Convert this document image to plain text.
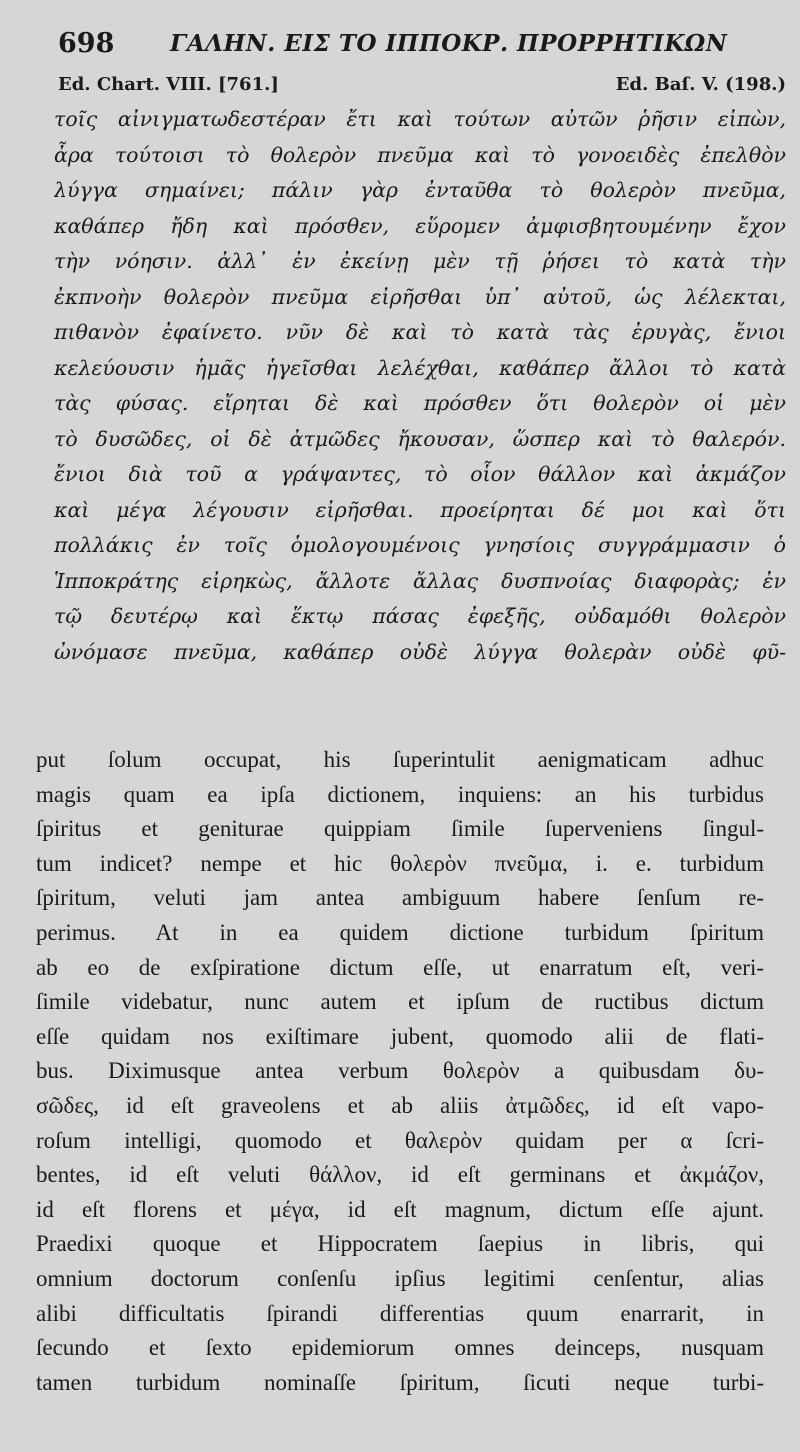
698 ΓΑΛΗΝ. ΕΙΣ ΤΟ ΙΠΠΟΚΡ. ΠΡΟΡΡΗΤΙΚΩΝ
Ed. Chart. VIII. [761.]	Ed. Baſ. V. (198.)
τοῖς αἰνιγματωδεστέραν ἔτι καὶ τούτων αὐτῶν ῥῆσιν εἰπὼν,
ἆρα τούτοισι τὸ θολερὸν πνεῦμα καὶ τὸ γονοειδὲς ἐπελθὸν
λύγγα σημαίνει; πάλιν γὰρ ἐνταῦθα τὸ θολερὸν πνεῦμα,
καθάπερ ἤδη καὶ πρόσθεν, εὕρομεν ἀμφισβητουμένην ἔχον
τὴν νόησιν. ἀλλ᾽ ἐν ἐκείνῃ μὲν τῇ ῥήσει τὸ κατὰ τὴν
ἐκπνοὴν θολερὸν πνεῦμα εἰρῆσθαι ὑπ᾽ αὐτοῦ, ὡς λέλεκται,
πιθανὸν ἐφαίνετο. νῦν δὲ καὶ τὸ κατὰ τὰς ἐρυγὰς, ἔνιοι
κελεύουσιν ἡμᾶς ἡγεῖσθαι λελέχθαι, καθάπερ ἄλλοι τὸ κατὰ
τὰς φύσας. εἴρηται δὲ καὶ πρόσθεν ὅτι θολερὸν οἱ μὲν
τὸ δυσῶδες, οἱ δὲ ἀτμῶδες ἤκουσαν, ὥσπερ καὶ τὸ θαλερόν.
ἔνιοι διὰ τοῦ α γράψαντες, τὸ οἷον θάλλον καὶ ἀκμάζον
καὶ μέγα λέγουσιν εἰρῆσθαι. προείρηται δέ μοι καὶ ὅτι
πολλάκις ἐν τοῖς ὁμολογουμένοις γνησίοις συγγράμμασιν ὁ
Ἱπποκράτης εἰρηκὼς, ἄλλοτε ἄλλας δυσπνοίας διαφορὰς; ἐν
τῷ δευτέρῳ καὶ ἕκτῳ πάσας ἐφεξῆς, οὐδαμόθι θολερὸν
ὠνόμασε πνεῦμα, καθάπερ οὐδὲ λύγγα θολερὰν οὐδὲ φῦ-
put ſolum occupat, his ſuperintulit aenigmaticam adhuc
magis quam ea ipſa dictionem, inquiens: an his turbidus
ſpiritus et geniturae quippiam ſimile ſuperveniens ſingul-
tum indicet? nempe et hic θολερὸν πνεῦμα, i. e. turbidum
ſpiritum, veluti jam antea ambiguum habere ſenſum re-
perimus. At in ea quidem dictione turbidum ſpiritum
ab eo de exſpiratione dictum eſſe, ut enarratum eſt, veri-
ſimile videbatur, nunc autem et ipſum de ructibus dictum
eſſe quidam nos exiſtimare jubent, quomodo alii de flati-
bus. Diximusque antea verbum θολερὸν a quibusdam δυ-
σῶδες, id eſt graveolens et ab aliis ἀτμῶδες, id eſt vapo-
roſum intelligi, quomodo et θαλερὸν quidam per α ſcri-
bentes, id eſt veluti θάλλον, id eſt germinans et ἀκμάζον,
id eſt florens et μέγα, id eſt magnum, dictum eſſe ajunt.
Praedixi quoque et Hippocratem ſaepius in libris, qui
omnium doctorum conſenſu ipſius legitimi cenſentur, alias
alibi difficultatis ſpirandi differentias quum enarrarit, in
ſecundo et ſexto epidemiorum omnes deinceps, nusquam
tamen turbidum nominaſſe ſpiritum, ſicuti neque turbi-
